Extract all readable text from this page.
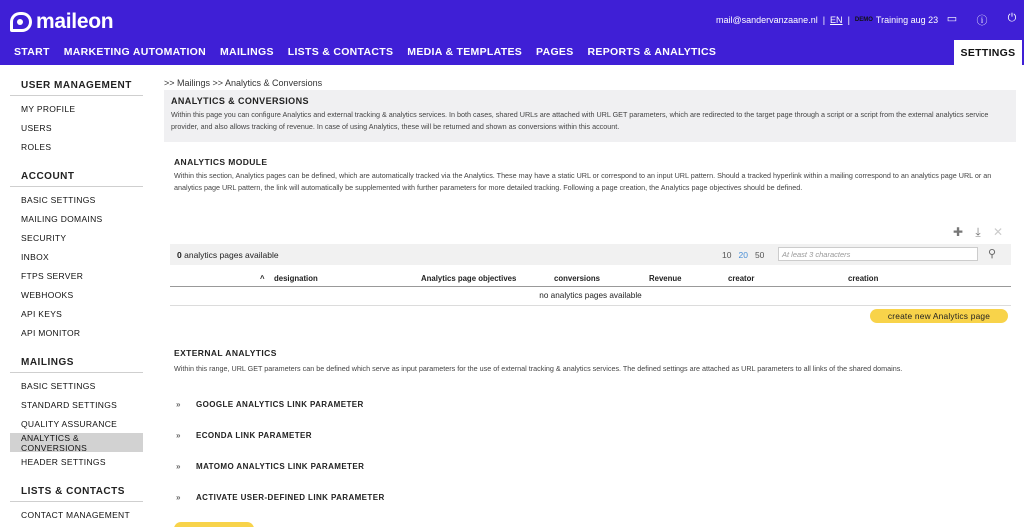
maileon	mail@sandervanzaane.nl | EN | DEMO Training aug 23 ▭ ⓘ	⏻
START	MARKETING AUTOMATION	MAILINGS	LISTS & CONTACTS	MEDIA & TEMPLATES	PAGES	REPORTS & ANALYTICS	SETTINGS
USER MANAGEMENT
MY PROFILE
USERS
ROLES
ACCOUNT
BASIC SETTINGS
MAILING DOMAINS
SECURITY
INBOX
FTPS SERVER
WEBHOOKS
API KEYS
API MONITOR
MAILINGS
BASIC SETTINGS
STANDARD SETTINGS
QUALITY ASSURANCE
ANALYTICS & CONVERSIONS
HEADER SETTINGS
LISTS & CONTACTS
CONTACT MANAGEMENT
>> Mailings >> Analytics & Conversions
ANALYTICS & CONVERSIONS
Within this page you can configure Analytics and external tracking & analytics services. In both cases, shared URLs are attached with URL GET parameters, which are redirected to the target page through a script or a script from the external analytics service provider, and also allows tracking of revenue. In case of using Analytics, these will be returned and shown as conversions within this account.
ANALYTICS MODULE
Within this section, Analytics pages can be defined, which are automatically tracked via the Analytics. These may have a static URL or correspond to an input URL pattern. Should a tracked hyperlink within a mailing correspond to an analytics page URL or an analytics page URL pattern, the link will automatically be supplemented with further parameters for more detailed tracking. Following a page creation, the Analytics page objectives should be defined.
✚ ⤓ ✕
0 analytics pages available	10 20 50	At least 3 characters	⚲
^ designation	Analytics page objectives	conversions	Revenue	creator	creation
no analytics pages available
create new Analytics page
EXTERNAL ANALYTICS
Within this range, URL GET parameters can be defined which serve as input parameters for the use of external tracking & analytics services. The defined settings are attached as URL parameters to all links of the shared domains.
»	GOOGLE ANALYTICS LINK PARAMETER
»	ECONDA LINK PARAMETER
»	MATOMO ANALYTICS LINK PARAMETER
»	ACTIVATE USER-DEFINED LINK PARAMETER
